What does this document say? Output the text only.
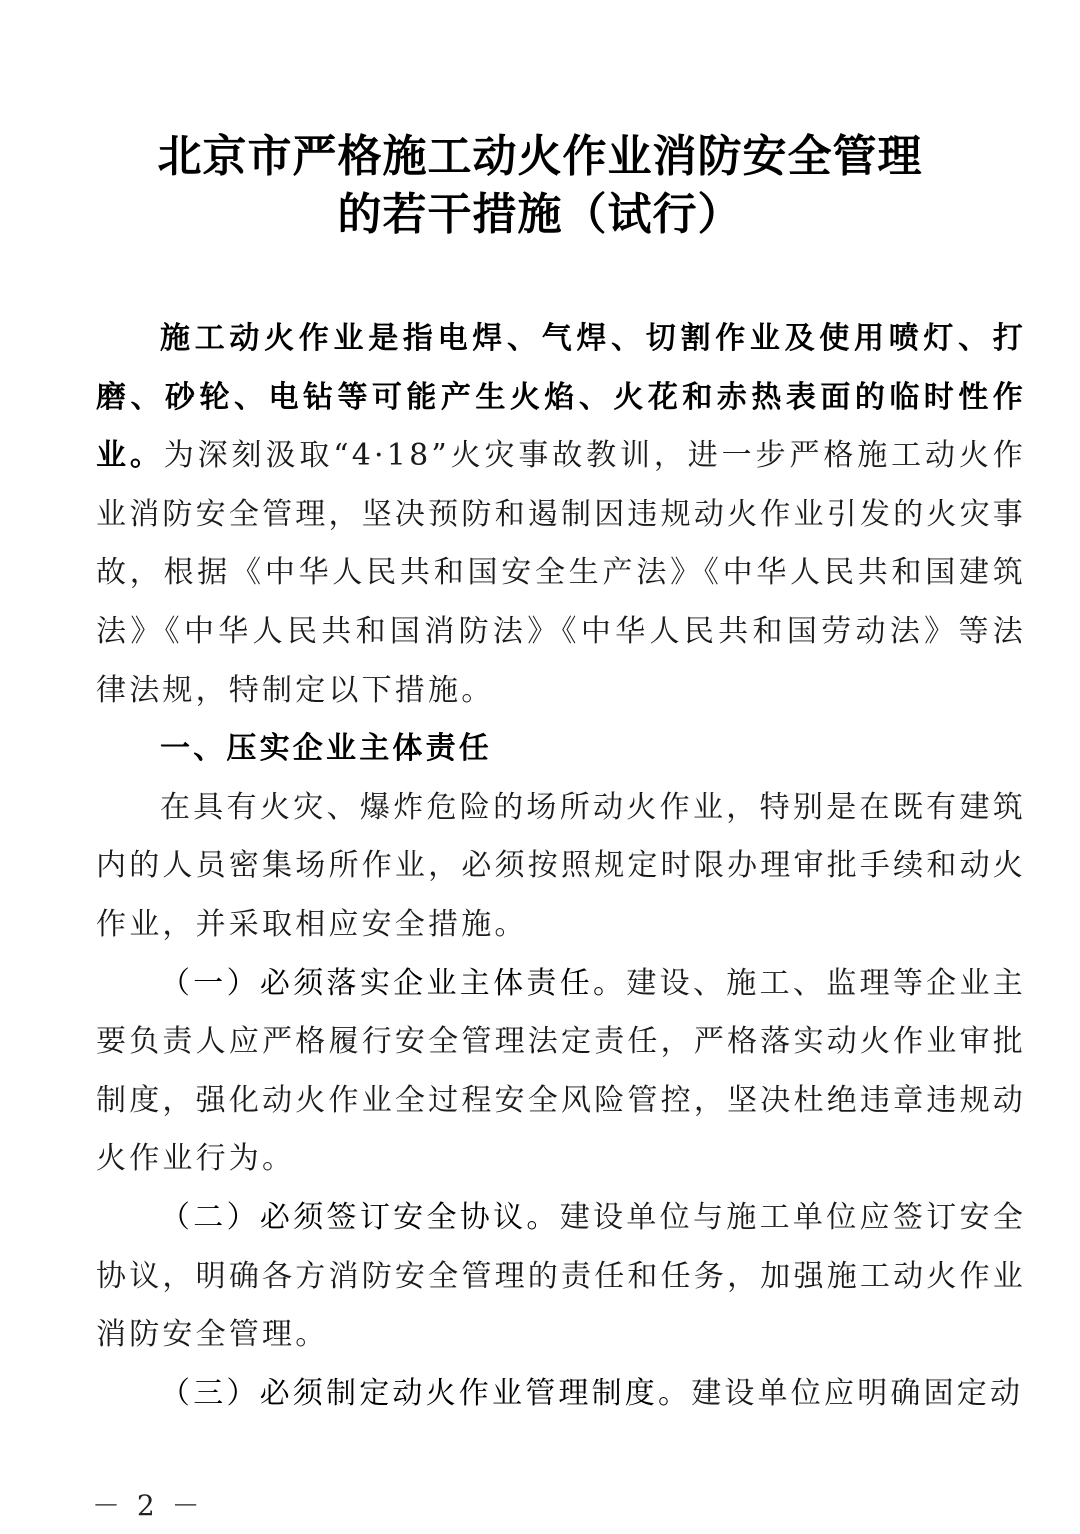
北京市严格施工动火作业消防安全管理
的若干措施（试行）

施工动火作业是指电焊、气焊、切割作业及使用喷灯、打磨、砂轮、电钻等可能产生火焰、火花和赤热表面的临时性作业。为深刻汲取“4·18”火灾事故教训，进一步严格施工动火作业消防安全管理，坚决预防和遏制因违规动火作业引发的火灾事故，根据《中华人民共和国安全生产法》《中华人民共和国建筑法》《中华人民共和国消防法》《中华人民共和国劳动法》等法律法规，特制定以下措施。

一、压实企业主体责任

在具有火灾、爆炸危险的场所动火作业，特别是在既有建筑内的人员密集场所作业，必须按照规定时限办理审批手续和动火作业，并采取相应安全措施。

（一）必须落实企业主体责任。建设、施工、监理等企业主要负责人应严格履行安全管理法定责任，严格落实动火作业审批制度，强化动火作业全过程安全风险管控，坚决杜绝违章违规动火作业行为。

（二）必须签订安全协议。建设单位与施工单位应签订安全协议，明确各方消防安全管理的责任和任务，加强施工动火作业消防安全管理。

（三）必须制定动火作业管理制度。建设单位应明确固定动

－ 2 －
